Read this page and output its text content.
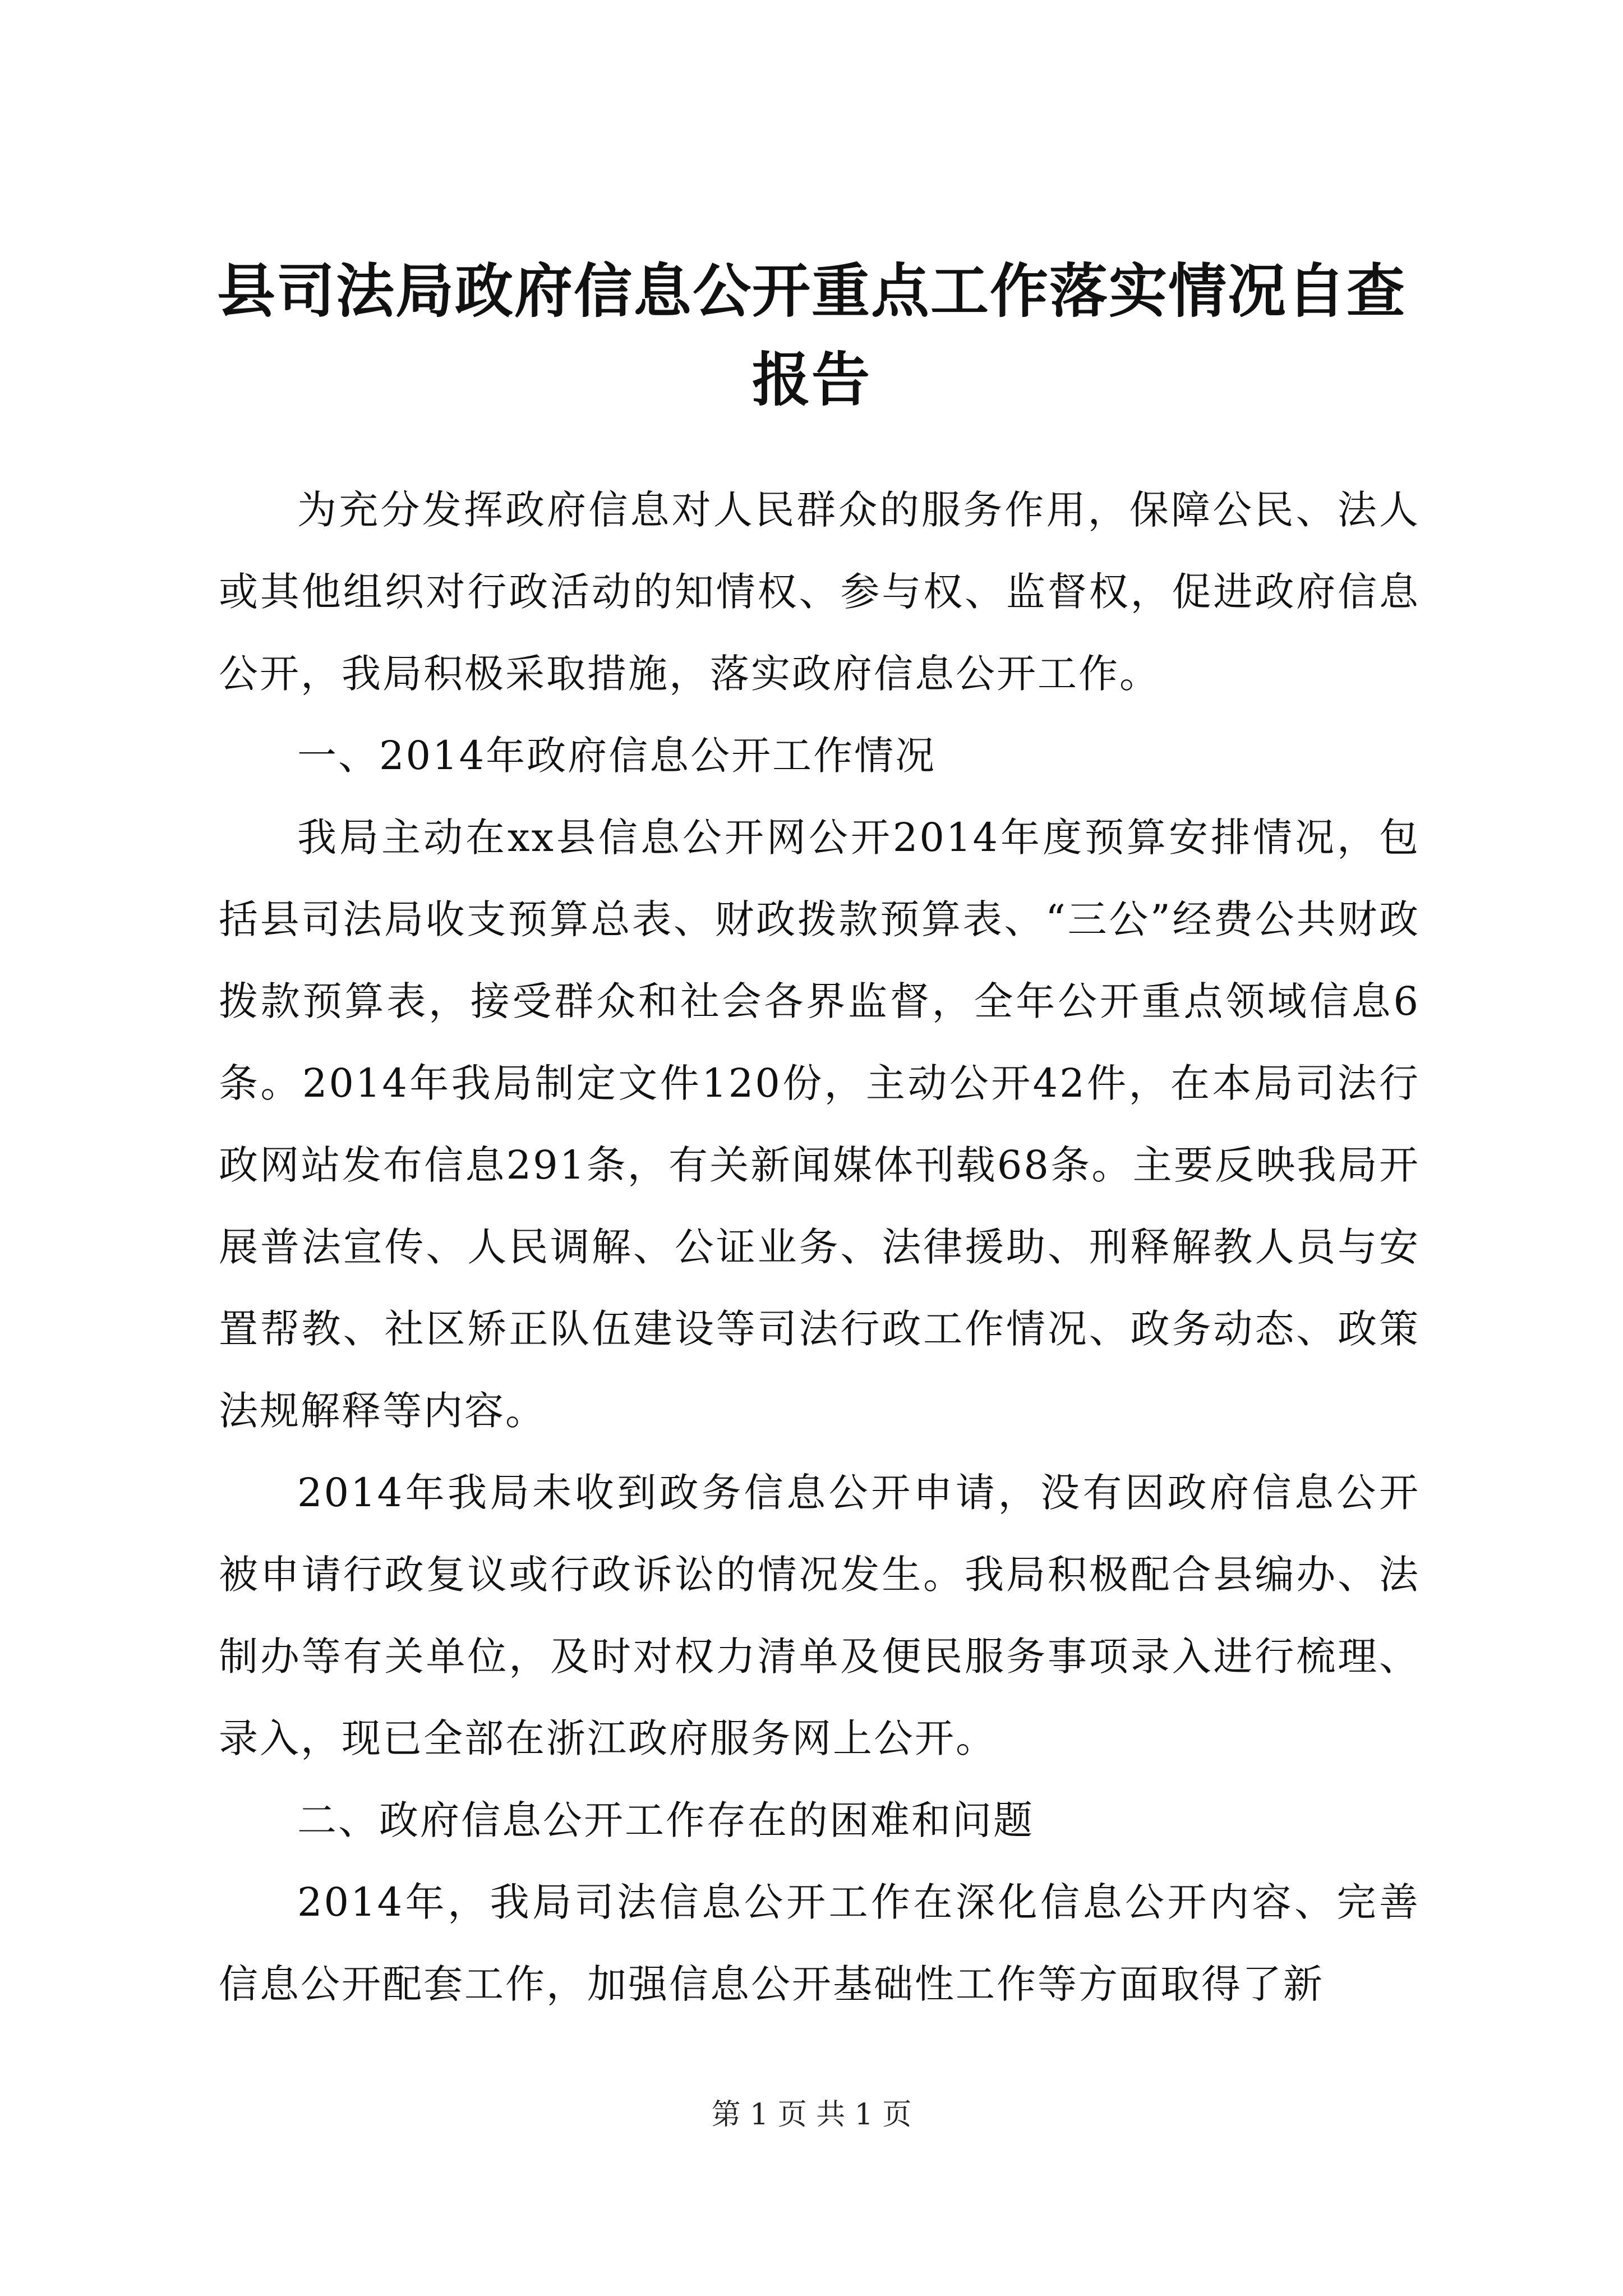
县司法局政府信息公开重点工作落实情况自查报告

为充分发挥政府信息对人民群众的服务作用，保障公民、法人或其他组织对行政活动的知情权、参与权、监督权，促进政府信息公开，我局积极采取措施，落实政府信息公开工作。

一、2014年政府信息公开工作情况

我局主动在xx县信息公开网公开2014年度预算安排情况，包括县司法局收支预算总表、财政拨款预算表、“三公”经费公共财政拨款预算表，接受群众和社会各界监督，全年公开重点领域信息6条。2014年我局制定文件120份，主动公开42件，在本局司法行政网站发布信息291条，有关新闻媒体刊载68条。主要反映我局开展普法宣传、人民调解、公证业务、法律援助、刑释解教人员与安置帮教、社区矫正队伍建设等司法行政工作情况、政务动态、政策法规解释等内容。

2014年我局未收到政务信息公开申请，没有因政府信息公开被申请行政复议或行政诉讼的情况发生。我局积极配合县编办、法制办等有关单位，及时对权力清单及便民服务事项录入进行梳理、录入，现已全部在浙江政府服务网上公开。

二、政府信息公开工作存在的困难和问题

2014年，我局司法信息公开工作在深化信息公开内容、完善信息公开配套工作，加强信息公开基础性工作等方面取得了新

第 1 页 共 1 页
